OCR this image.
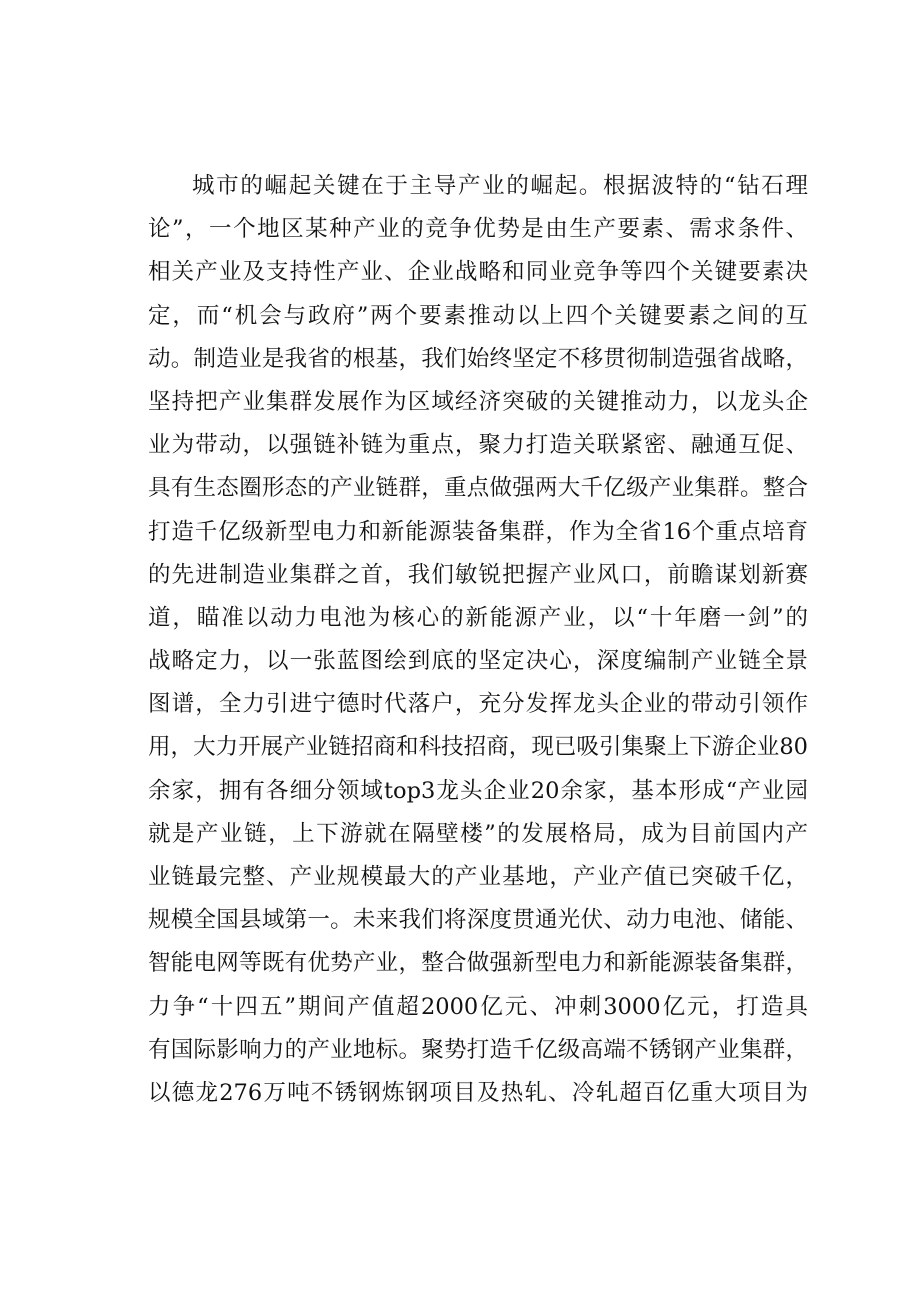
城市的崛起关键在于主导产业的崛起。根据波特的“钻石理
论”，一个地区某种产业的竞争优势是由生产要素、需求条件、
相关产业及支持性产业、企业战略和同业竞争等四个关键要素决
定，而“机会与政府”两个要素推动以上四个关键要素之间的互
动。制造业是我省的根基，我们始终坚定不移贯彻制造强省战略，
坚持把产业集群发展作为区域经济突破的关键推动力，以龙头企
业为带动，以强链补链为重点，聚力打造关联紧密、融通互促、
具有生态圈形态的产业链群，重点做强两大千亿级产业集群。整合
打造千亿级新型电力和新能源装备集群，作为全省16个重点培育
的先进制造业集群之首，我们敏锐把握产业风口，前瞻谋划新赛
道，瞄准以动力电池为核心的新能源产业，以“十年磨一剑”的
战略定力，以一张蓝图绘到底的坚定决心，深度编制产业链全景
图谱，全力引进宁德时代落户，充分发挥龙头企业的带动引领作
用，大力开展产业链招商和科技招商，现已吸引集聚上下游企业80
余家，拥有各细分领域top3龙头企业20余家，基本形成“产业园
就是产业链，上下游就在隔壁楼”的发展格局，成为目前国内产
业链最完整、产业规模最大的产业基地，产业产值已突破千亿，
规模全国县域第一。未来我们将深度贯通光伏、动力电池、储能、
智能电网等既有优势产业，整合做强新型电力和新能源装备集群，
力争“十四五”期间产值超2000亿元、冲刺3000亿元，打造具
有国际影响力的产业地标。聚势打造千亿级高端不锈钢产业集群，
以德龙276万吨不锈钢炼钢项目及热轧、冷轧超百亿重大项目为
